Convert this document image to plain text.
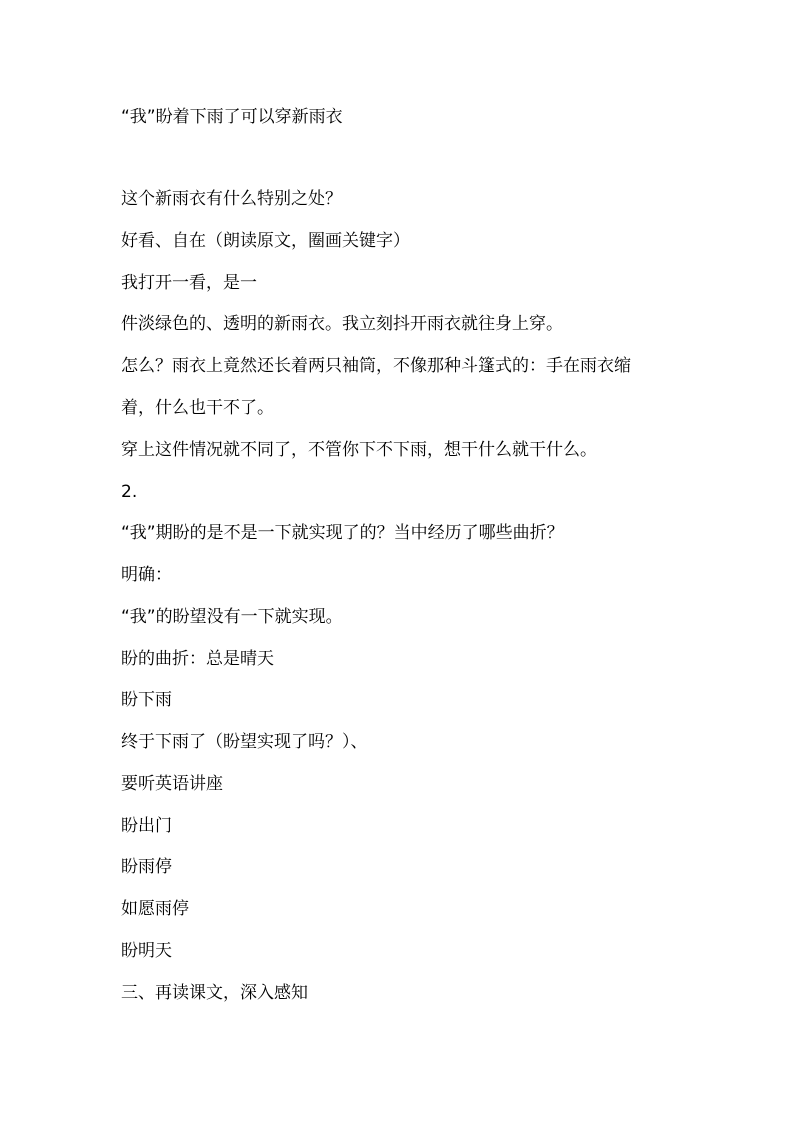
“我”盼着下雨了可以穿新雨衣
这个新雨衣有什么特别之处？
好看、自在（朗读原文，圈画关键字）
我打开一看，是一
件淡绿色的、透明的新雨衣。我立刻抖开雨衣就往身上穿。
怎么？雨衣上竟然还长着两只袖筒，不像那种斗篷式的：手在雨衣缩
着，什么也干不了。
穿上这件情况就不同了，不管你下不下雨，想干什么就干什么。
2.
“我”期盼的是不是一下就实现了的？当中经历了哪些曲折？
明确：
“我”的盼望没有一下就实现。
盼的曲折：总是晴天
盼下雨
终于下雨了（盼望实现了吗？）、
要听英语讲座
盼出门
盼雨停
如愿雨停
盼明天
三、再读课文，深入感知
